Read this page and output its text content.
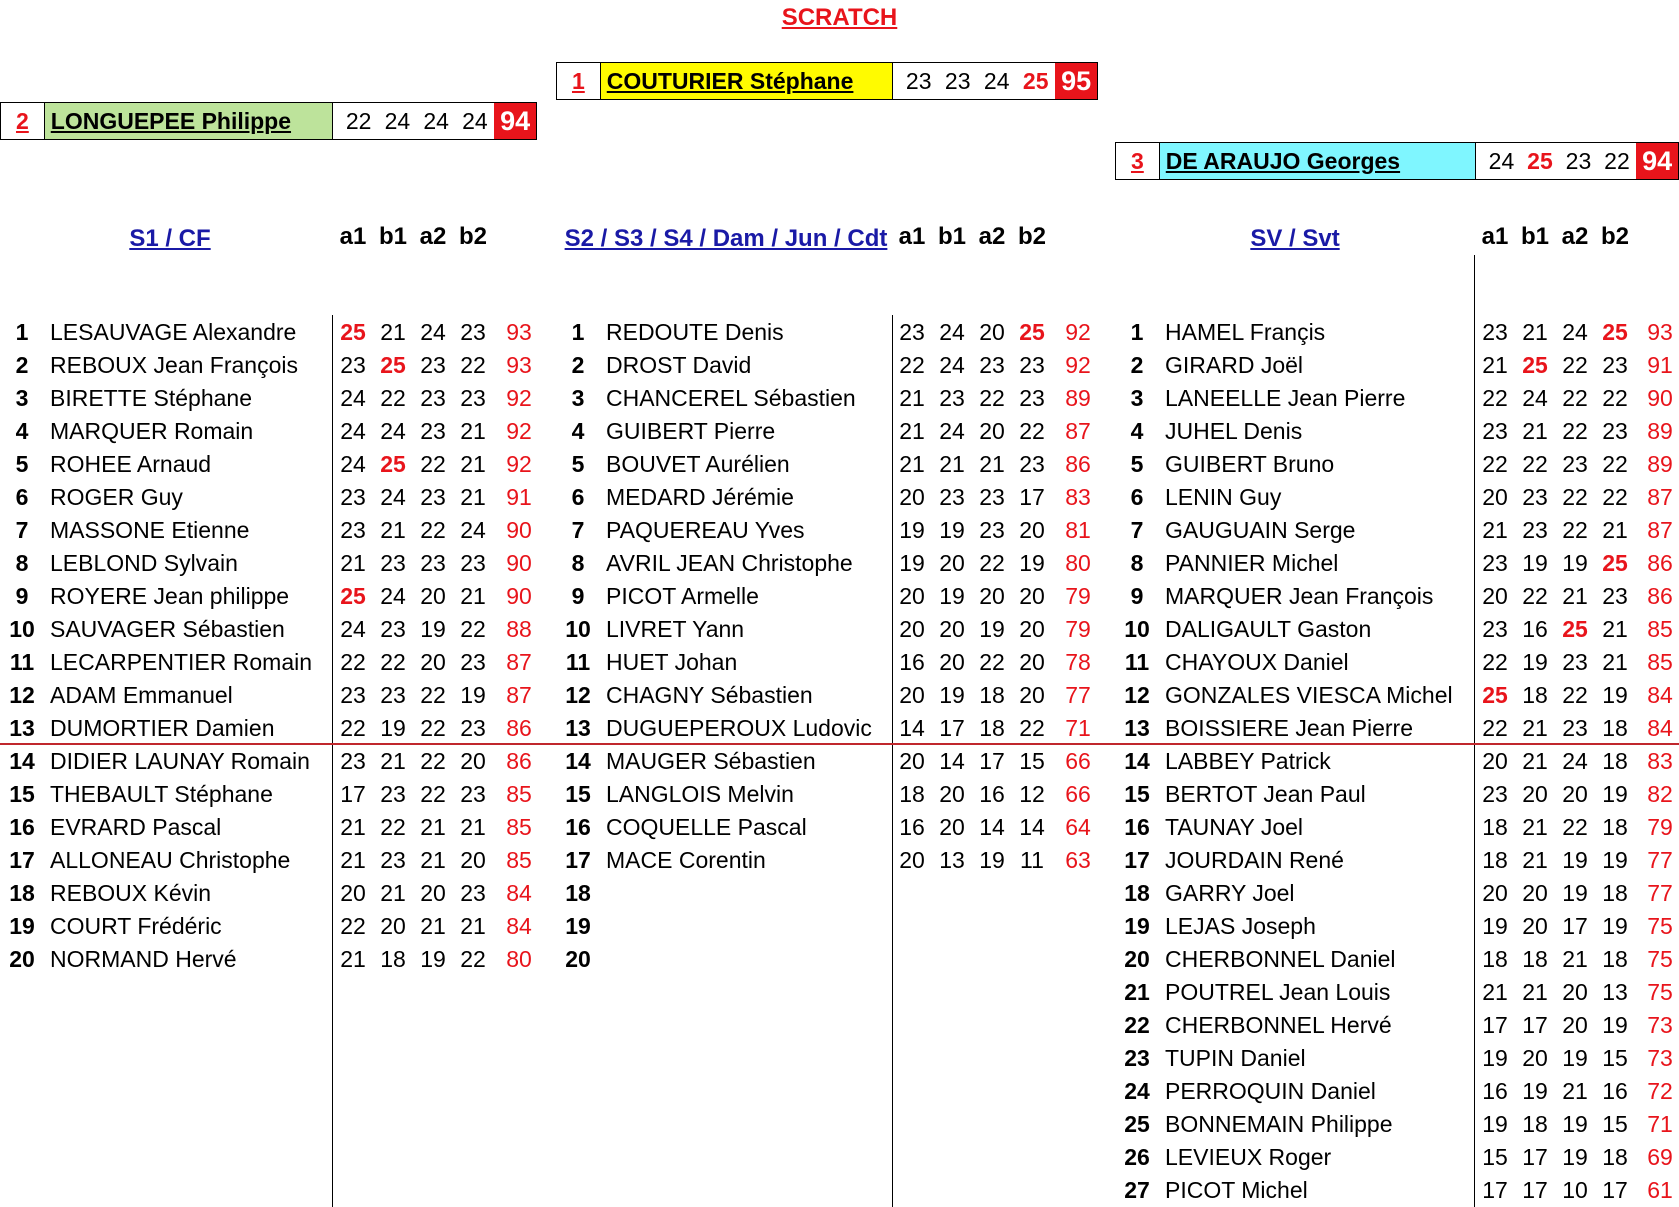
SCRATCH
1 COUTURIER Stéphane	23 23 24 25 95
2 LONGUEPEE Philippe	22 24 24 24 94
3 DE ARAUJO Georges	24 25 23 22 94
S1 / CF	S2 / S3 / S4 / Dam / Jun / Cdt	SV / Svt
a1 b1 a2 b2	a1 b1 a2 b2	a1 b1 a2 b2
1 LESAUVAGE Alexandre	25 21 24 23 93
2 REBOUX Jean François	23 25 23 22 93
3 BIRETTE Stéphane	24 22 23 23 92
4 MARQUER Romain	24 24 23 21 92
5 ROHEE Arnaud	24 25 22 21 92
6 ROGER Guy	23 24 23 21 91
7 MASSONE Etienne	23 21 22 24 90
8 LEBLOND Sylvain	21 23 23 23 90
9 ROYERE Jean philippe	25 24 20 21 90
10 SAUVAGER Sébastien	24 23 19 22 88
11 LECARPENTIER Romain	22 22 20 23 87
12 ADAM Emmanuel	23 23 22 19 87
13 DUMORTIER Damien	22 19 22 23 86
14 DIDIER LAUNAY Romain	23 21 22 20 86
15 THEBAULT Stéphane	17 23 22 23 85
16 EVRARD Pascal	21 22 21 21 85
17 ALLONEAU Christophe	21 23 21 20 85
18 REBOUX Kévin	20 21 20 23 84
19 COURT Frédéric	22 20 21 21 84
20 NORMAND Hervé	21 18 19 22 80
1 REDOUTE Denis	23 24 20 25 92
2 DROST David	22 24 23 23 92
3 CHANCEREL Sébastien	21 23 22 23 89
4 GUIBERT Pierre	21 24 20 22 87
5 BOUVET Aurélien	21 21 21 23 86
6 MEDARD Jérémie	20 23 23 17 83
7 PAQUEREAU Yves	19 19 23 20 81
8 AVRIL JEAN Christophe	19 20 22 19 80
9 PICOT Armelle	20 19 20 20 79
10 LIVRET Yann	20 20 19 20 79
11 HUET Johan	16 20 22 20 78
12 CHAGNY Sébastien	20 19 18 20 77
13 DUGUEPEROUX Ludovic	14 17 18 22 71
14 MAUGER Sébastien	20 14 17 15 66
15 LANGLOIS Melvin	18 20 16 12 66
16 COQUELLE Pascal	16 20 14 14 64
17 MACE Corentin	20 13 19 11 63
18
19
20
1 HAMEL Françis	23 21 24 25 93
2 GIRARD Joël	21 25 22 23 91
3 LANEELLE Jean Pierre	22 24 22 22 90
4 JUHEL Denis	23 21 22 23 89
5 GUIBERT Bruno	22 22 23 22 89
6 LENIN Guy	20 23 22 22 87
7 GAUGUAIN Serge	21 23 22 21 87
8 PANNIER Michel	23 19 19 25 86
9 MARQUER Jean François	20 22 21 23 86
10 DALIGAULT Gaston	23 16 25 21 85
11 CHAYOUX Daniel	22 19 23 21 85
12 GONZALES VIESCA Michel	25 18 22 19 84
13 BOISSIERE Jean Pierre	22 21 23 18 84
14 LABBEY Patrick	20 21 24 18 83
15 BERTOT Jean Paul	23 20 20 19 82
16 TAUNAY Joel	18 21 22 18 79
17 JOURDAIN René	18 21 19 19 77
18 GARRY Joel	20 20 19 18 77
19 LEJAS Joseph	19 20 17 19 75
20 CHERBONNEL Daniel	18 18 21 18 75
21 POUTREL Jean Louis	21 21 20 13 75
22 CHERBONNEL Hervé	17 17 20 19 73
23 TUPIN Daniel	19 20 19 15 73
24 PERROQUIN Daniel	16 19 21 16 72
25 BONNEMAIN Philippe	19 18 19 15 71
26 LEVIEUX Roger	15 17 19 18 69
27 PICOT Michel	17 17 10 17 61
